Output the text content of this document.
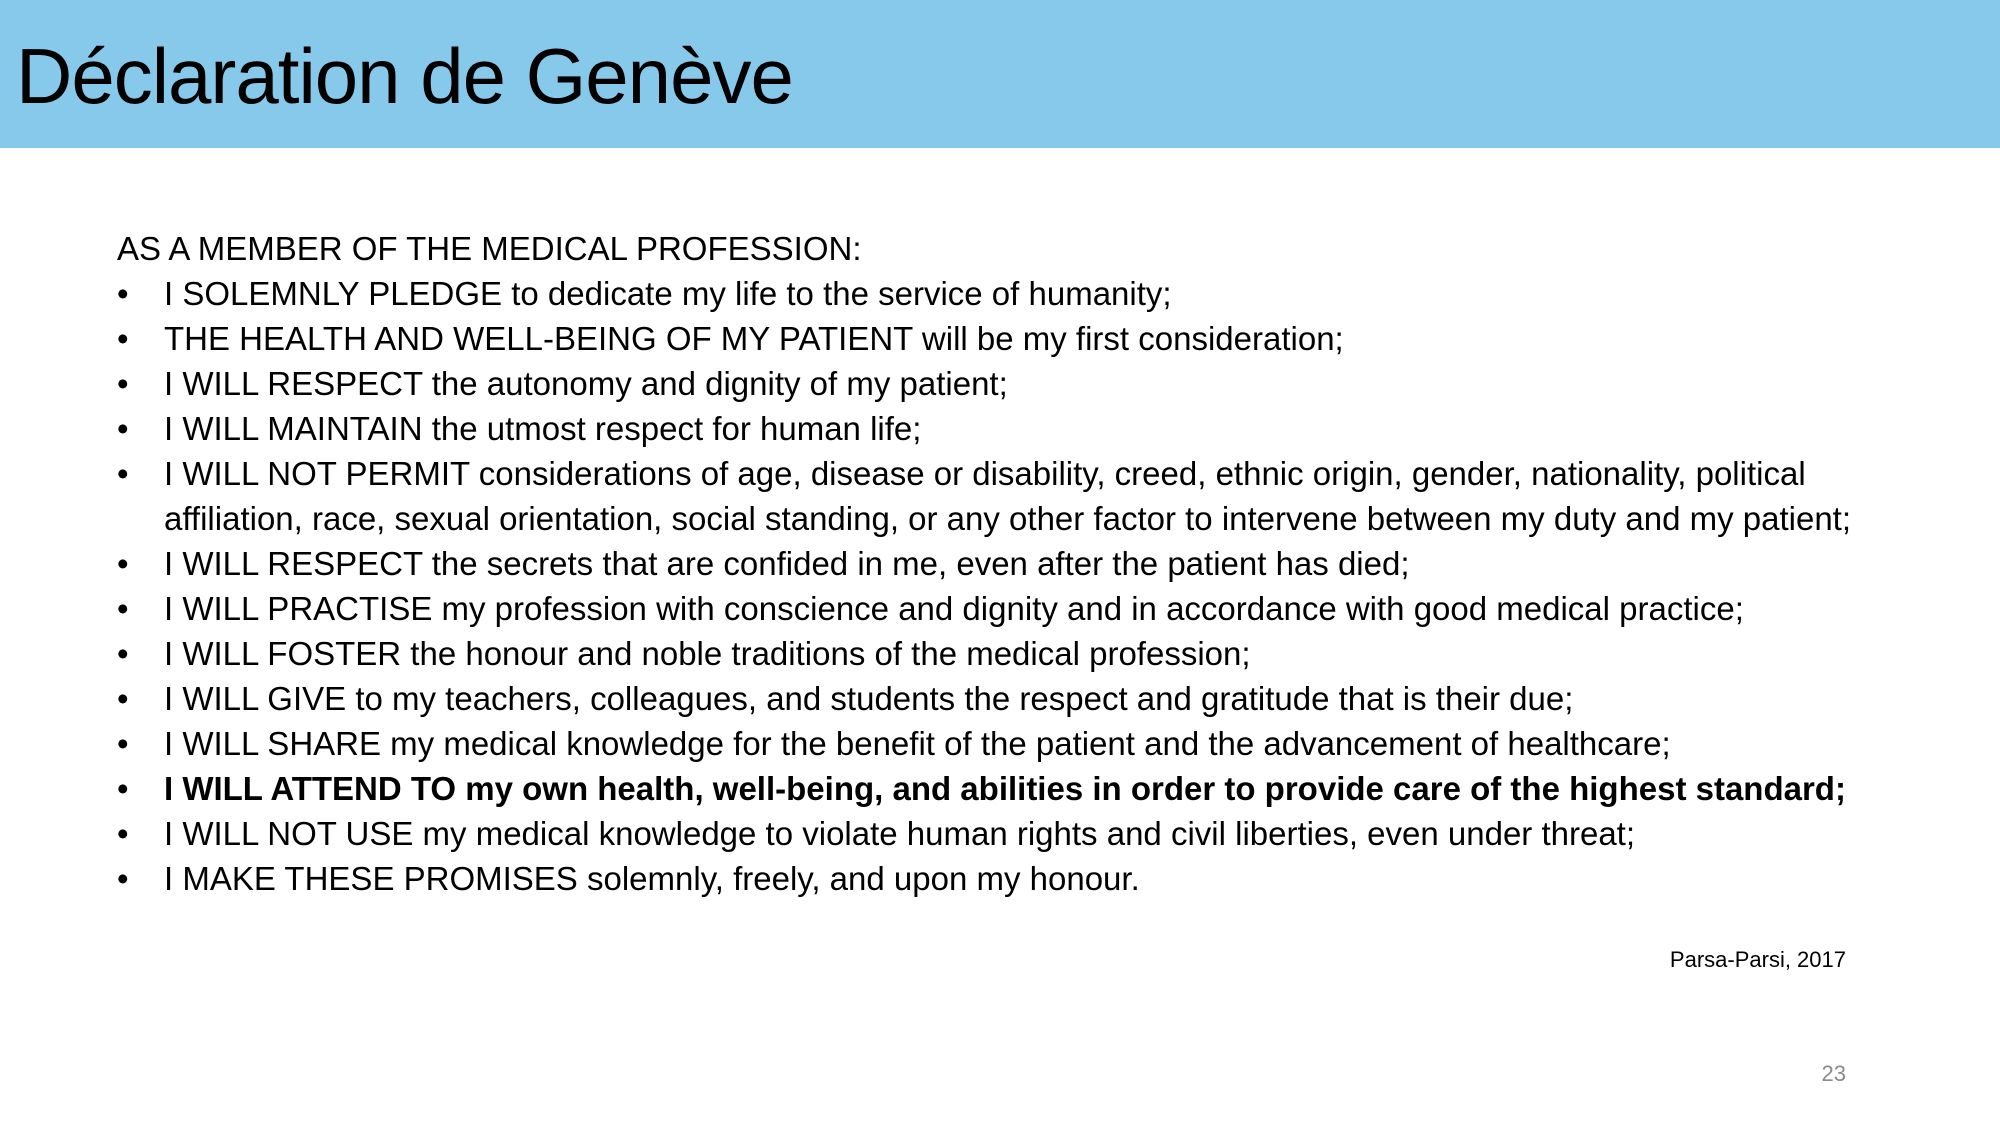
Déclaration de Genève

AS A MEMBER OF THE MEDICAL PROFESSION:

• I SOLEMNLY PLEDGE to dedicate my life to the service of humanity;
• THE HEALTH AND WELL-BEING OF MY PATIENT will be my first consideration;
• I WILL RESPECT the autonomy and dignity of my patient;
• I WILL MAINTAIN the utmost respect for human life;
• I WILL NOT PERMIT considerations of age, disease or disability, creed, ethnic origin, gender, nationality, political affiliation, race, sexual orientation, social standing, or any other factor to intervene between my duty and my patient;
• I WILL RESPECT the secrets that are confided in me, even after the patient has died;
• I WILL PRACTISE my profession with conscience and dignity and in accordance with good medical practice;
• I WILL FOSTER the honour and noble traditions of the medical profession;
• I WILL GIVE to my teachers, colleagues, and students the respect and gratitude that is their due;
• I WILL SHARE my medical knowledge for the benefit of the patient and the advancement of healthcare;
• I WILL ATTEND TO my own health, well-being, and abilities in order to provide care of the highest standard;
• I WILL NOT USE my medical knowledge to violate human rights and civil liberties, even under threat;
• I MAKE THESE PROMISES solemnly, freely, and upon my honour.
Parsa-Parsi, 2017
23
